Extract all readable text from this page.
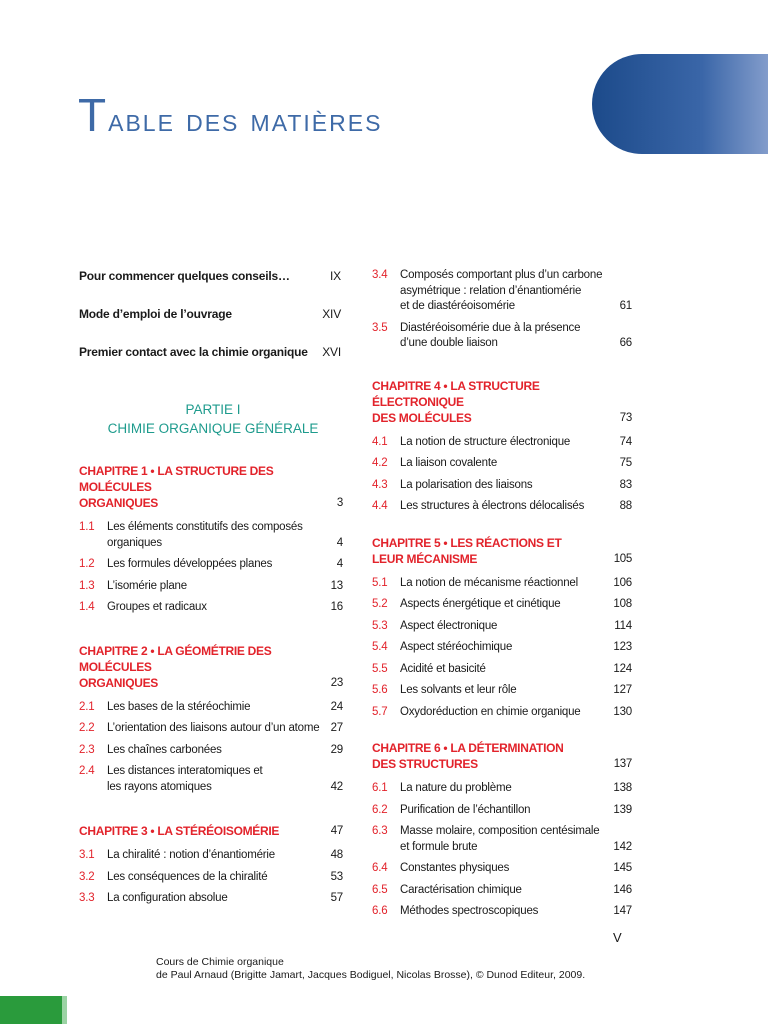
Table des matières
Pour commencer quelques conseils…	IX
Mode d’emploi de l’ouvrage	XIV
Premier contact avec la chimie organique XVI
PARTIE I
CHIMIE ORGANIQUE GÉNÉRALE
CHAPITRE 1 • LA STRUCTURE DES MOLÉCULES
ORGANIQUES	3
1.1	Les éléments constitutifs des composés
organiques	4
1.2	Les formules développées planes	4
1.3	L’isomérie plane	13
1.4	Groupes et radicaux	16
CHAPITRE 2 • LA GÉOMÉTRIE DES MOLÉCULES
ORGANIQUES	23
2.1	Les bases de la stéréochimie	24
2.2	L’orientation des liaisons autour d’un atome 27
2.3	Les chaînes carbonées	29
2.4	Les distances interatomiques et
les rayons atomiques	42
CHAPITRE 3 • LA STÉRÉOISOMÉRIE	47
3.1	La chiralité : notion d’énantiomérie	48
3.2	Les conséquences de la chiralité	53
3.3	La configuration absolue	57
3.4	Composés comportant plus d’un carbone
asymétrique : relation d’énantiomérie
et de diastéréoisomérie	61
3.5	Diastéréoisomérie due à la présence
d’une double liaison	66
CHAPITRE 4 • LA STRUCTURE ÉLECTRONIQUE
DES MOLÉCULES	73
4.1	La notion de structure électronique	74
4.2	La liaison covalente	75
4.3	La polarisation des liaisons	83
4.4	Les structures à électrons délocalisés	88
CHAPITRE 5 • LES RÉACTIONS ET
LEUR MÉCANISME	105
5.1	La notion de mécanisme réactionnel	106
5.2	Aspects énergétique et cinétique	108
5.3	Aspect électronique	114
5.4	Aspect stéréochimique	123
5.5	Acidité et basicité	124
5.6	Les solvants et leur rôle	127
5.7	Oxydoréduction en chimie organique	130
CHAPITRE 6 • LA DÉTERMINATION
DES STRUCTURES	137
6.1	La nature du problème	138
6.2	Purification de l’échantillon	139
6.3	Masse molaire, composition centésimale
et formule brute	142
6.4	Constantes physiques	145
6.5	Caractérisation chimique	146
6.6	Méthodes spectroscopiques	147
V
Cours de Chimie organique
de Paul Arnaud (Brigitte Jamart, Jacques Bodiguel, Nicolas Brosse), © Dunod Editeur, 2009.
